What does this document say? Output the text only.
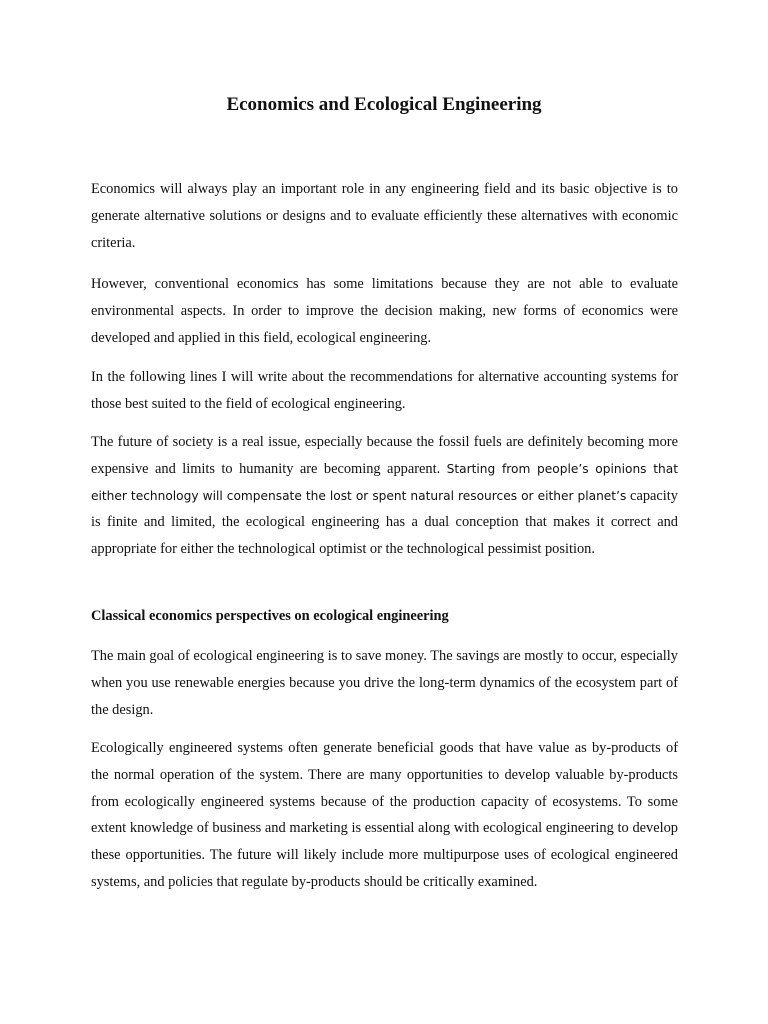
Economics and Ecological Engineering

Economics will always play an important role in any engineering field and its basic objective is to generate alternative solutions or designs and to evaluate efficiently these alternatives with economic criteria.

However, conventional economics has some limitations because they are not able to evaluate environmental aspects. In order to improve the decision making, new forms of economics were developed and applied in this field, ecological engineering.

In the following lines I will write about the recommendations for alternative accounting systems for those best suited to the field of ecological engineering.

The future of society is a real issue, especially because the fossil fuels are definitely becoming more expensive and limits to humanity are becoming apparent. Starting from people’s opinions that either technology will compensate the lost or spent natural resources or either planet’s capacity is finite and limited, the ecological engineering has a dual conception that makes it correct and appropriate for either the technological optimist or the technological pessimist position.

Classical economics perspectives on ecological engineering

The main goal of ecological engineering is to save money. The savings are mostly to occur, especially when you use renewable energies because you drive the long-term dynamics of the ecosystem part of the design.

Ecologically engineered systems often generate beneficial goods that have value as by-products of the normal operation of the system. There are many opportunities to develop valuable by-products from ecologically engineered systems because of the production capacity of ecosystems. To some extent knowledge of business and marketing is essential along with ecological engineering to develop these opportunities. The future will likely include more multipurpose uses of ecological engineered systems, and policies that regulate by-products should be critically examined.
